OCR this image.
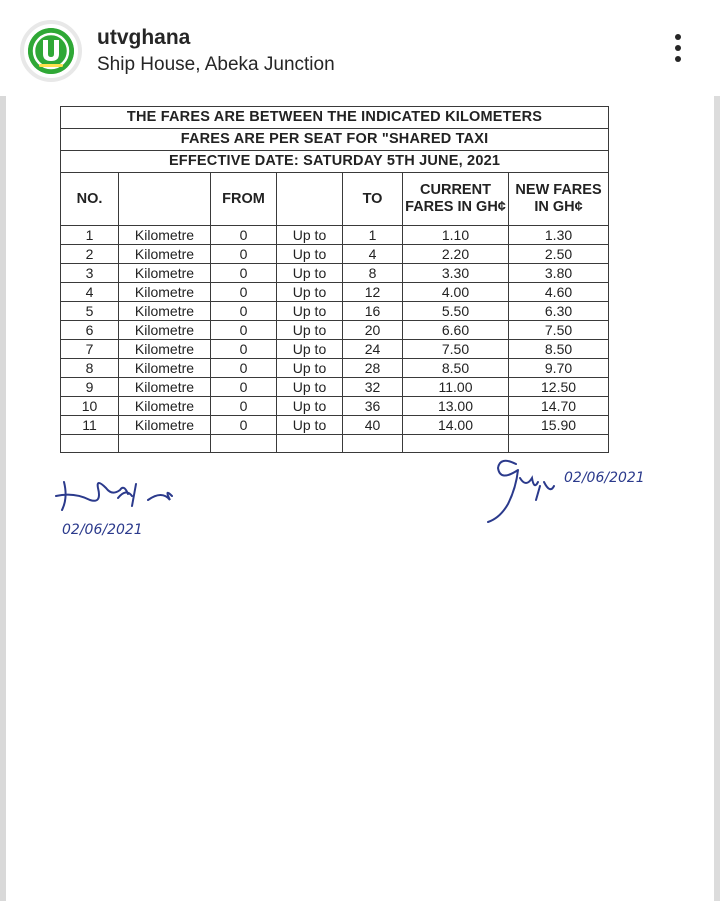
utvghana
Ship House, Abeka Junction
THE FARES ARE BETWEEN THE INDICATED KILOMETERS						
FARES ARE PER SEAT FOR "SHARED TAXI						
EFFECTIVE DATE: SATURDAY 5TH JUNE, 2021						
NO.		FROM		TO	CURRENT FARES IN GH¢	NEW FARES IN GH¢
1	Kilometre	0	Up to	1	1.10	1.30
2	Kilometre	0	Up to	4	2.20	2.50
3	Kilometre	0	Up to	8	3.30	3.80
4	Kilometre	0	Up to	12	4.00	4.60
5	Kilometre	0	Up to	16	5.50	6.30
6	Kilometre	0	Up to	20	6.60	7.50
7	Kilometre	0	Up to	24	7.50	8.50
8	Kilometre	0	Up to	28	8.50	9.70
9	Kilometre	0	Up to	32	11.00	12.50
10	Kilometre	0	Up to	36	13.00	14.70
11	Kilometre	0	Up to	40	14.00	15.90

02/06/2021
02/06/2021
